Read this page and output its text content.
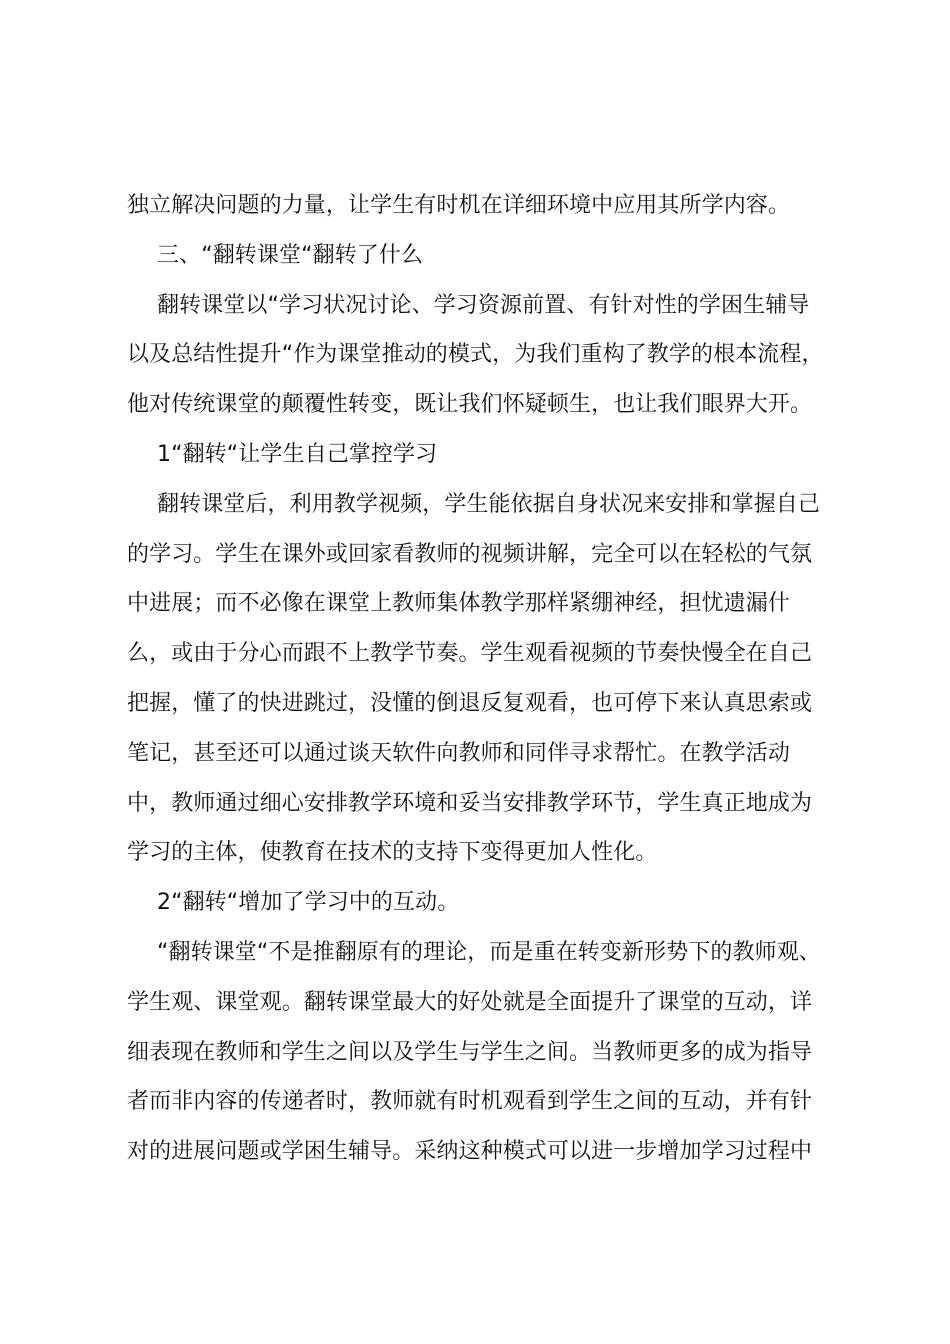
独立解决问题的力量，让学生有时机在详细环境中应用其所学内容。
三、“翻转课堂“翻转了什么
翻转课堂以“学习状况讨论、学习资源前置、有针对性的学困生辅导
以及总结性提升“作为课堂推动的模式，为我们重构了教学的根本流程，
他对传统课堂的颠覆性转变，既让我们怀疑顿生，也让我们眼界大开。
1“翻转“让学生自己掌控学习
翻转课堂后，利用教学视频，学生能依据自身状况来安排和掌握自己
的学习。学生在课外或回家看教师的视频讲解，完全可以在轻松的气氛
中进展；而不必像在课堂上教师集体教学那样紧绷神经，担忧遗漏什
么，或由于分心而跟不上教学节奏。学生观看视频的节奏快慢全在自己
把握，懂了的快进跳过，没懂的倒退反复观看，也可停下来认真思索或
笔记，甚至还可以通过谈天软件向教师和同伴寻求帮忙。在教学活动
中，教师通过细心安排教学环境和妥当安排教学环节，学生真正地成为
学习的主体，使教育在技术的支持下变得更加人性化。
2“翻转“增加了学习中的互动。
“翻转课堂“不是推翻原有的理论，而是重在转变新形势下的教师观、
学生观、课堂观。翻转课堂最大的好处就是全面提升了课堂的互动，详
细表现在教师和学生之间以及学生与学生之间。当教师更多的成为指导
者而非内容的传递者时，教师就有时机观看到学生之间的互动，并有针
对的进展问题或学困生辅导。采纳这种模式可以进一步增加学习过程中
